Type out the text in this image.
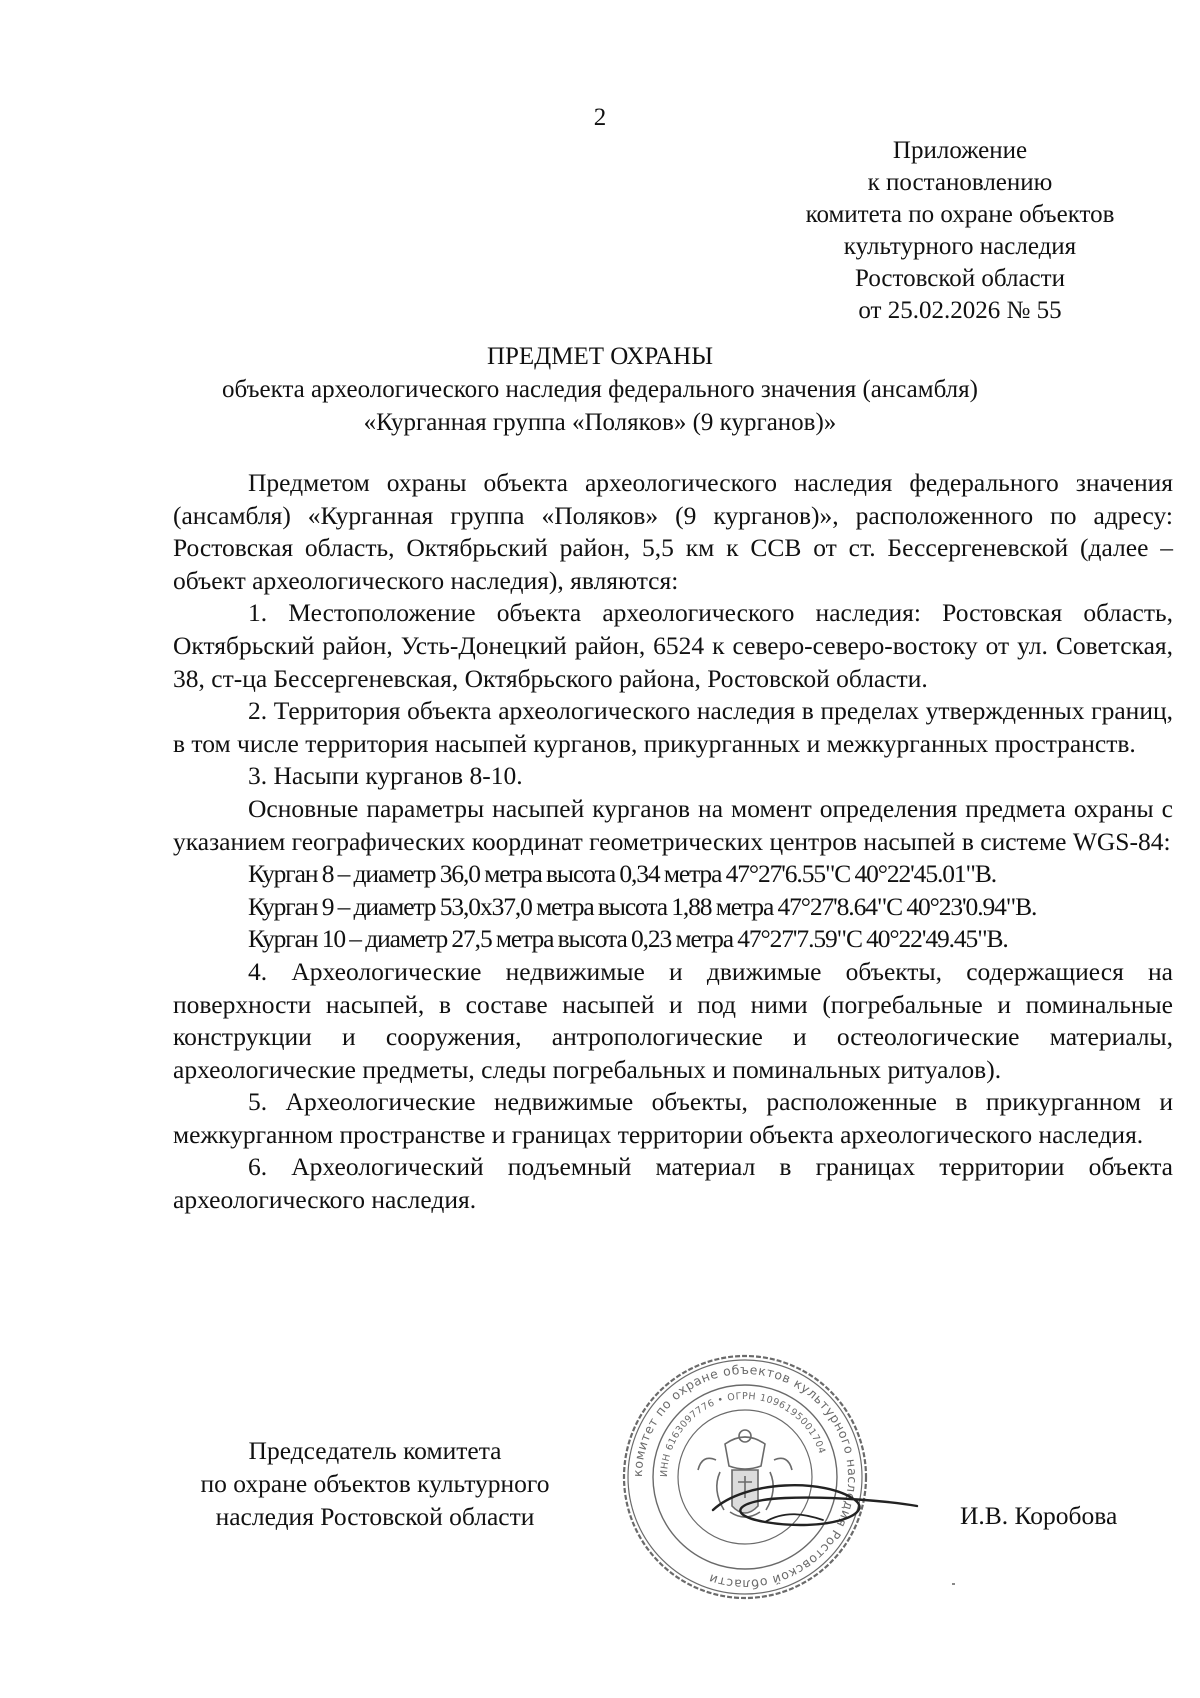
2
Приложение
к постановлению
комитета по охране объектов
культурного наследия
Ростовской области
от 25.02.2026 № 55
ПРЕДМЕТ ОХРАНЫ
объекта археологического наследия федерального значения (ансамбля)
«Курганная группа «Поляков» (9 курганов)»

Предметом охраны объекта археологического наследия федерального значения (ансамбля) «Курганная группа «Поляков» (9 курганов)», расположенного по адресу: Ростовская область, Октябрьский район, 5,5 км к ССВ от ст. Бессергеневской (далее – объект археологического наследия), являются:

1. Местоположение объекта археологического наследия: Ростовская область, Октябрьский район, Усть-Донецкий район, 6524 к северо-северо-востоку от ул. Советская, 38, ст-ца Бессергеневская, Октябрьского района, Ростовской области.

2. Территория объекта археологического наследия в пределах утвержденных границ, в том числе территория насыпей курганов, прикурганных и межкурганных пространств.

3. Насыпи курганов 8-10.

Основные параметры насыпей курганов на момент определения предмета охраны с указанием географических координат геометрических центров насыпей в системе WGS-84:

Курган 8 – диаметр 36,0 метра высота 0,34 метра 47°27'6.55"С 40°22'45.01"В.

Курган 9 – диаметр 53,0х37,0 метра высота 1,88 метра 47°27'8.64"С 40°23'0.94"В.

Курган 10 – диаметр 27,5 метра высота 0,23 метра 47°27'7.59"С 40°22'49.45"В.

4. Археологические недвижимые и движимые объекты, содержащиеся на поверхности насыпей, в составе насыпей и под ними (погребальные и поминальные конструкции и сооружения, антропологические и остеологические материалы, археологические предметы, следы погребальных и поминальных ритуалов).

5. Археологические недвижимые объекты, расположенные в прикурганном и межкурганном пространстве и границах территории объекта археологического наследия.

6. Археологический подъемный материал в границах территории объекта археологического наследия.

Председатель комитета
по охране объектов культурного
наследия Ростовской области
комитет по охране объектов культурного наследия Ростовской области
ИНН 6163097776 • ОГРН 1096195001704
И.В. Коробова
